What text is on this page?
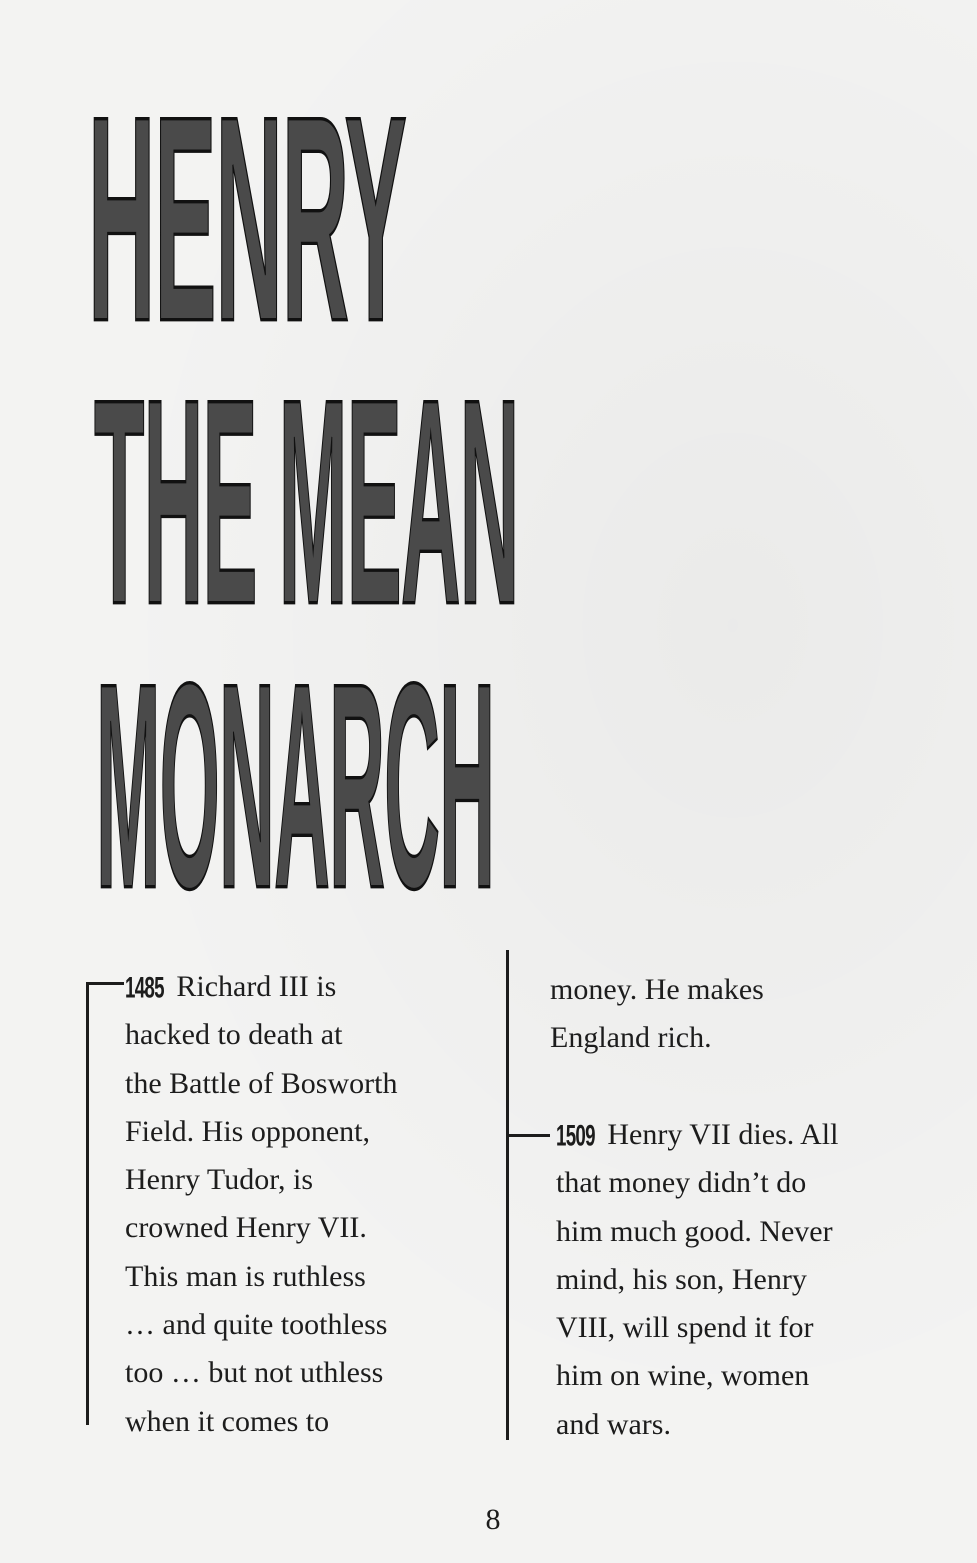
HENRY
THE MEAN
MONARCH
1485 Richard III is
hacked to death at
the Battle of Bosworth
Field. His opponent,
Henry Tudor, is
crowned Henry VII.
This man is ruthless
… and quite toothless
too … but not uthless
when it comes to
money. He makes
England rich.
1509 Henry VII dies. All
that money didn’t do
him much good. Never
mind, his son, Henry
VIII, will spend it for
him on wine, women
and wars.
8
